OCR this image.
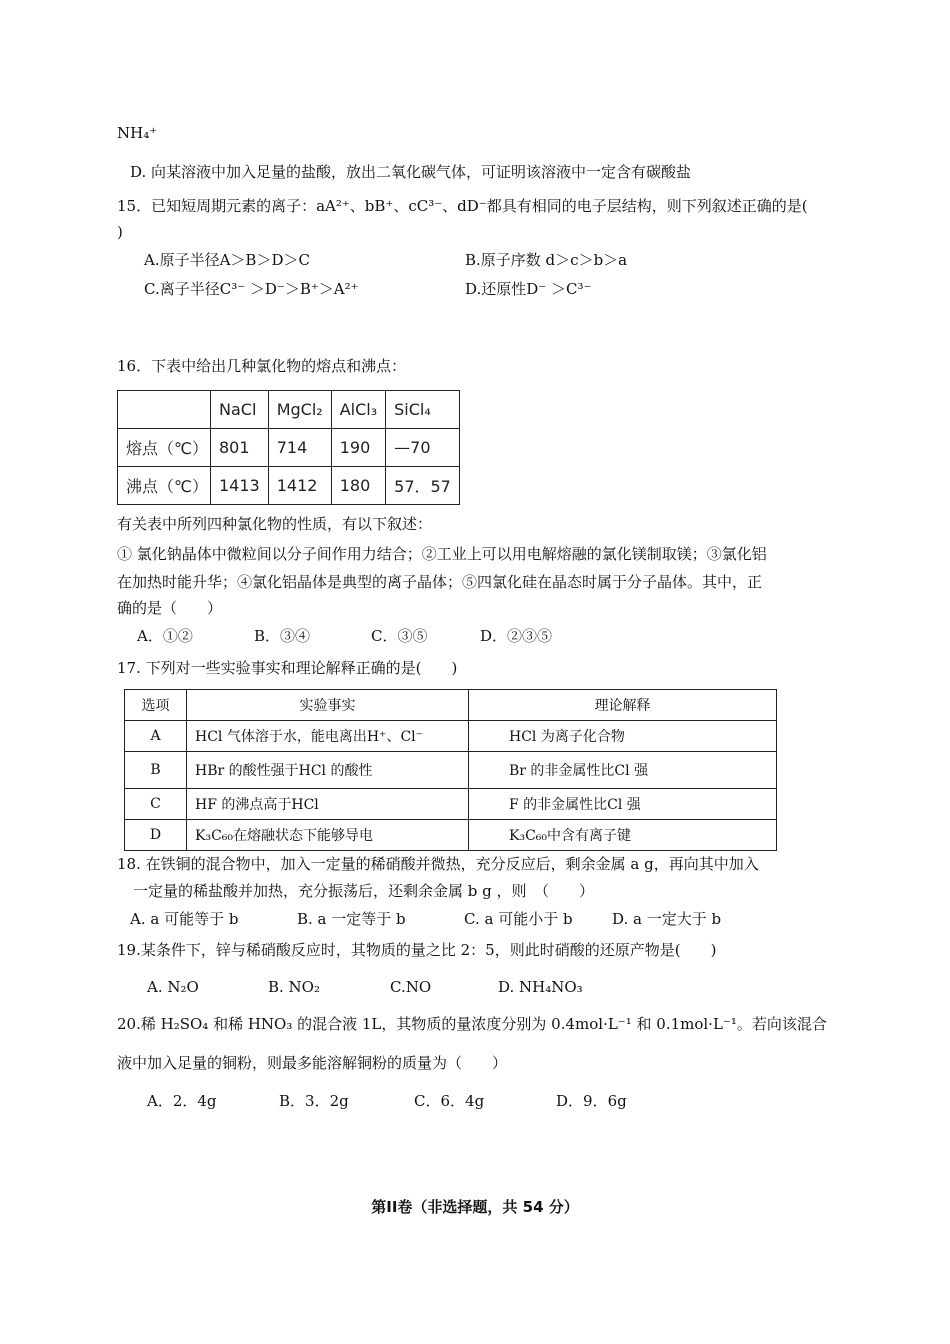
NH₄⁺
D. 向某溶液中加入足量的盐酸，放出二氧化碳气体，可证明该溶液中一定含有碳酸盐
15．已知短周期元素的离子：aA²⁺、bB⁺、cC³⁻、dD⁻都具有相同的电子层结构，则下列叙述正确的是(
)
A.原子半径A＞B＞D＞C	B.原子序数 d＞c＞b＞a
C.离子半径C³⁻ ＞D⁻＞B⁺＞A²⁺	D.还原性D⁻ ＞C³⁻
16．下表中给出几种氯化物的熔点和沸点：
	NaCl	MgCl₂	AlCl₃	SiCl₄
熔点（℃）	801	714	190	—70
沸点（℃）	1413	1412	180	57．57
有关表中所列四种氯化物的性质，有以下叙述：
① 氯化钠晶体中微粒间以分子间作用力结合；②工业上可以用电解熔融的氯化镁制取镁；③氯化铝
在加热时能升华；④氯化铝晶体是典型的离子晶体；⑤四氯化硅在晶态时属于分子晶体。其中，正
确的是（　　）
A．①②	B．③④	C．③⑤	D．②③⑤
17. 下列对一些实验事实和理论解释正确的是(　　)
选项	实验事实	理论解释
A	HCl 气体溶于水，能电离出H⁺、Cl⁻	HCl 为离子化合物
B	HBr 的酸性强于HCl 的酸性	Br 的非金属性比Cl 强
C	HF 的沸点高于HCl	F 的非金属性比Cl 强
D	K₃C₆₀在熔融状态下能够导电	K₃C₆₀中含有离子键
18. 在铁铜的混合物中，加入一定量的稀硝酸并微热，充分反应后，剩余金属 a g，再向其中加入
一定量的稀盐酸并加热，充分振荡后，还剩余金属 b g ，则　（　　）
A. a 可能等于 b	B. a 一定等于 b	C. a 可能小于 b	D. a 一定大于 b
19.某条件下，锌与稀硝酸反应时，其物质的量之比 2：5，则此时硝酸的还原产物是(　　)
A. N₂O	B. NO₂	C.NO	D. NH₄NO₃
20.稀 H₂SO₄ 和稀 HNO₃ 的混合液 1L，其物质的量浓度分别为 0.4mol·L⁻¹ 和 0.1mol·L⁻¹。若向该混合
液中加入足量的铜粉，则最多能溶解铜粉的质量为（　　）
A．2．4g	B．3．2g	C．6．4g	D．9．6g
第II卷（非选择题，共 54 分）
